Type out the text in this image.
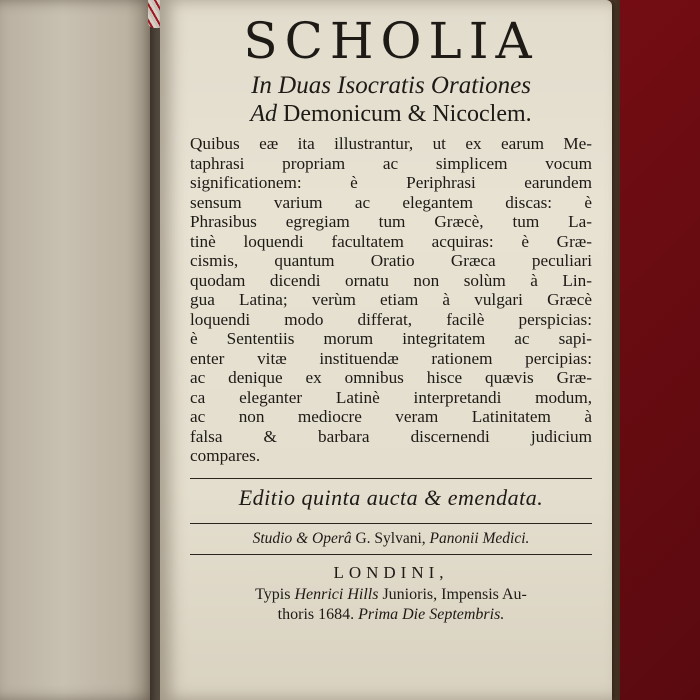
SCHOLIA

In Duas Isocratis Orationes

Ad Demonicum & Nicoclem.

Quibus eæ ita illustrantur, ut ex earum Me-
taphrasi propriam ac simplicem vocum
significationem: è Periphrasi earundem
sensum varium ac elegantem discas: è
Phrasibus egregiam tum Græcè, tum La-
tinè loquendi facultatem acquiras: è Græ-
cismis, quantum Oratio Græca peculiari
quodam dicendi ornatu non solùm à Lin-
gua Latina; verùm etiam à vulgari Græcè
loquendi modo differat, facilè perspicias:
è Sententiis morum integritatem ac sapi-
enter vitæ instituendæ rationem percipias:
ac denique ex omnibus hisce quævis Græ-
ca eleganter Latinè interpretandi modum,
ac non mediocre veram Latinitatem à
falsa & barbara discernendi judicium
compares.

Editio quinta aucta & emendata.

Studio & Operâ G. Sylvani, Panonii Medici.

LONDINI,

Typis Henrici Hills Junioris, Impensis Au-

thoris 1684. Prima Die Septembris.
